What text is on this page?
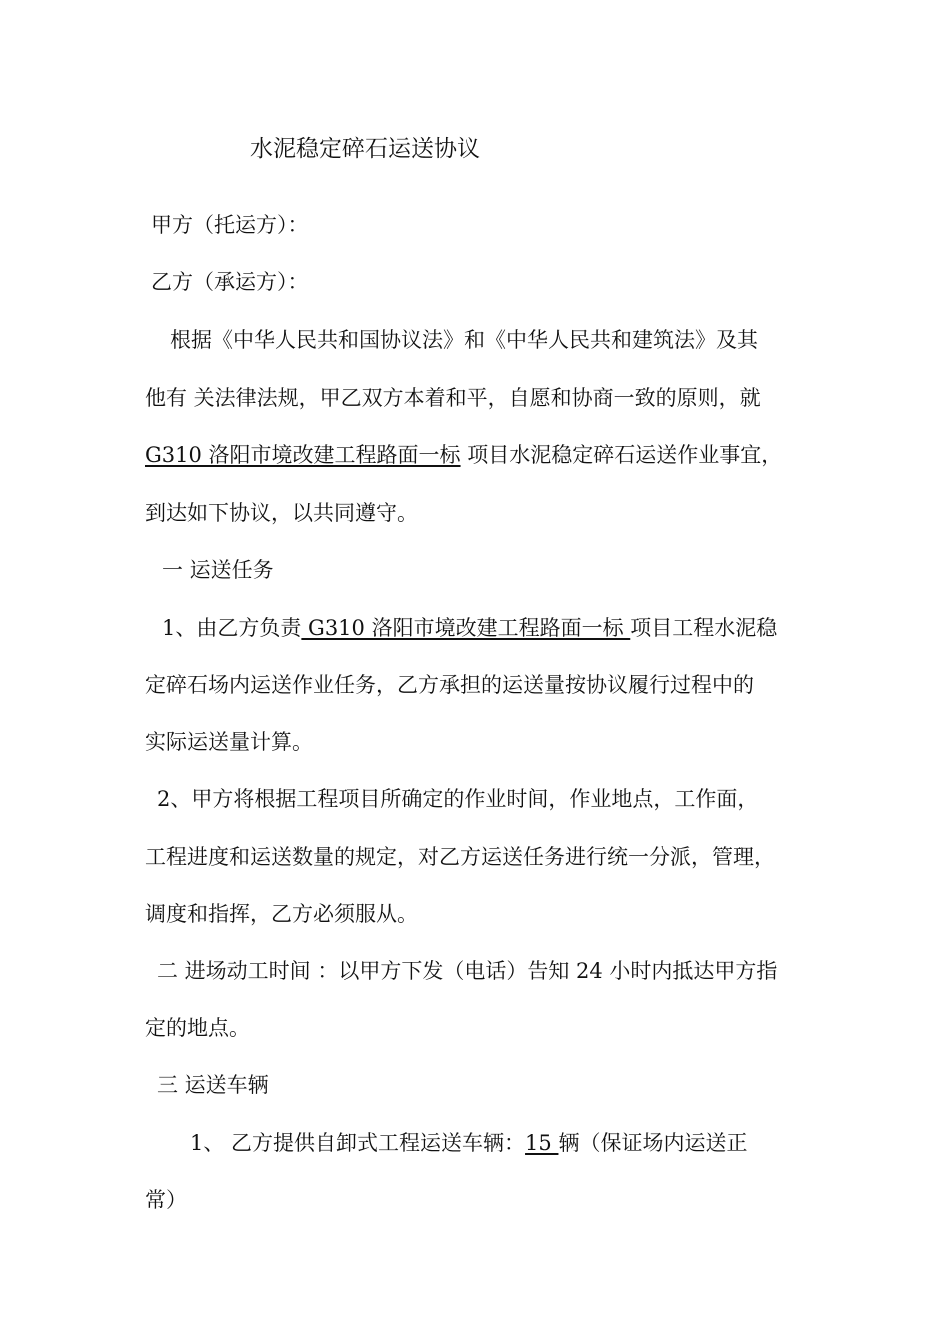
水泥稳定碎石运送协议
甲方（托运方）：
乙方（承运方）：
根据《中华人民共和国协议法》和《中华人民共和建筑法》及其
他有 关法律法规，甲乙双方本着和平，自愿和协商一致的原则，就
G310 洛阳市境改建工程路面一标 项目水泥稳定碎石运送作业事宜，
到达如下协议，以共同遵守。
一 运送任务
1、由乙方负责 G310 洛阳市境改建工程路面一标 项目工程水泥稳
定碎石场内运送作业任务，乙方承担的运送量按协议履行过程中的
实际运送量计算。
2、甲方将根据工程项目所确定的作业时间，作业地点，工作面，
工程进度和运送数量的规定，对乙方运送任务进行统一分派，管理，
调度和指挥，乙方必须服从。
二 进场动工时间 ：以甲方下发（电话）告知 24 小时内抵达甲方指
定的地点。
三 运送车辆
1、 乙方提供自卸式工程运送车辆：15 辆（保证场内运送正
常）
